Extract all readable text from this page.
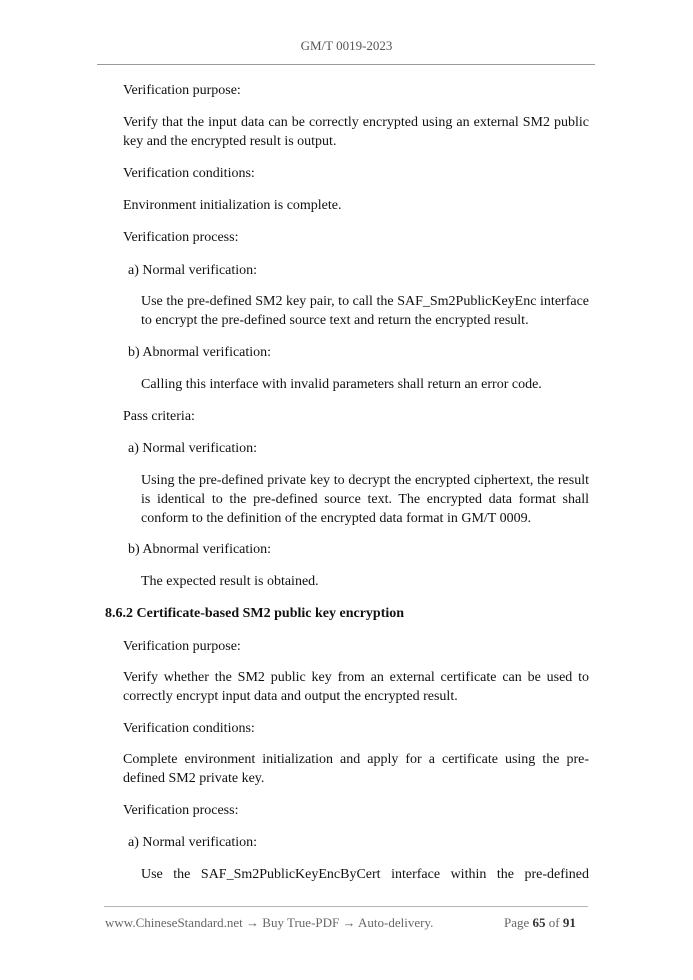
GM/T 0019-2023

Verification purpose:

Verify that the input data can be correctly encrypted using an external SM2 public key and the encrypted result is output.

Verification conditions:

Environment initialization is complete.

Verification process:

a) Normal verification:

Use the pre-defined SM2 key pair, to call the SAF_Sm2PublicKeyEnc interface to encrypt the pre-defined source text and return the encrypted result.

b) Abnormal verification:

Calling this interface with invalid parameters shall return an error code.

Pass criteria:

a) Normal verification:

Using the pre-defined private key to decrypt the encrypted ciphertext, the result is identical to the pre-defined source text. The encrypted data format shall conform to the definition of the encrypted data format in GM/T 0009.

b) Abnormal verification:

The expected result is obtained.

8.6.2 Certificate-based SM2 public key encryption

Verification purpose:

Verify whether the SM2 public key from an external certificate can be used to correctly encrypt input data and output the encrypted result.

Verification conditions:

Complete environment initialization and apply for a certificate using the pre-defined SM2 private key.

Verification process:

a) Normal verification:

Use the SAF_Sm2PublicKeyEncByCert interface within the pre-defined

www.ChineseStandard.net → Buy True-PDF → Auto-delivery.	Page 65 of 91
